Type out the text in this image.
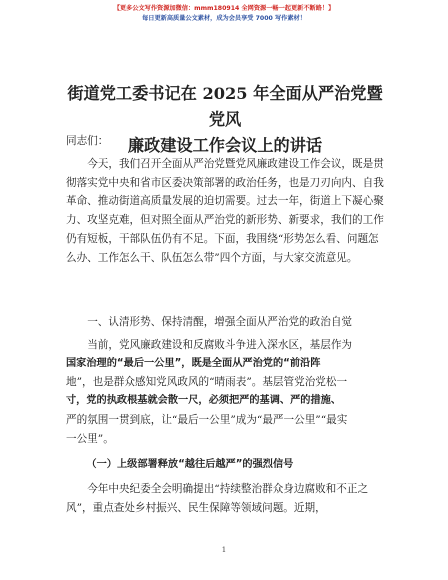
【更多公文写作资源加微信：mmm180914 全网资源一畅一起更新不断路！】
每日更新高质量公文素材，成为会员享受 7000 写作素材！
街道党工委书记在 2025 年全面从严治党暨党风
廉政建设工作会议上的讲话

同志们：

今天，我们召开全面从严治党暨党风廉政建设工作会议，既是贯彻落实党中央和省市区委决策部署的政治任务，也是刀刃向内、自我革命、推动街道高质量发展的迫切需要。过去一年，街道上下凝心聚力、攻坚克难，但对照全面从严治党的新形势、新要求，我们的工作仍有短板，干部队伍仍有不足。下面，我围绕“形势怎么看、问题怎么办、工作怎么干、队伍怎么带”四个方面，与大家交流意见。

一、认清形势、保持清醒，增强全面从严治党的政治自觉

当前，党风廉政建设和反腐败斗争进入深水区，基层作为

国家治理的“最后一公里”，既是全面从严治党的“前沿阵

地”，也是群众感知党风政风的“晴雨表”。基层管党治党松一

寸，党的执政根基就会散一尺，必须把严的基调、严的措施、

严的氛围一贯到底，让“最后一公里”成为“最严一公里”“最实

一公里”。

（一）上级部署释放“越往后越严”的强烈信号

今年中央纪委全会明确提出“持续整治群众身边腐败和不正之风”，重点查处乡村振兴、民生保障等领域问题。近期，

1
